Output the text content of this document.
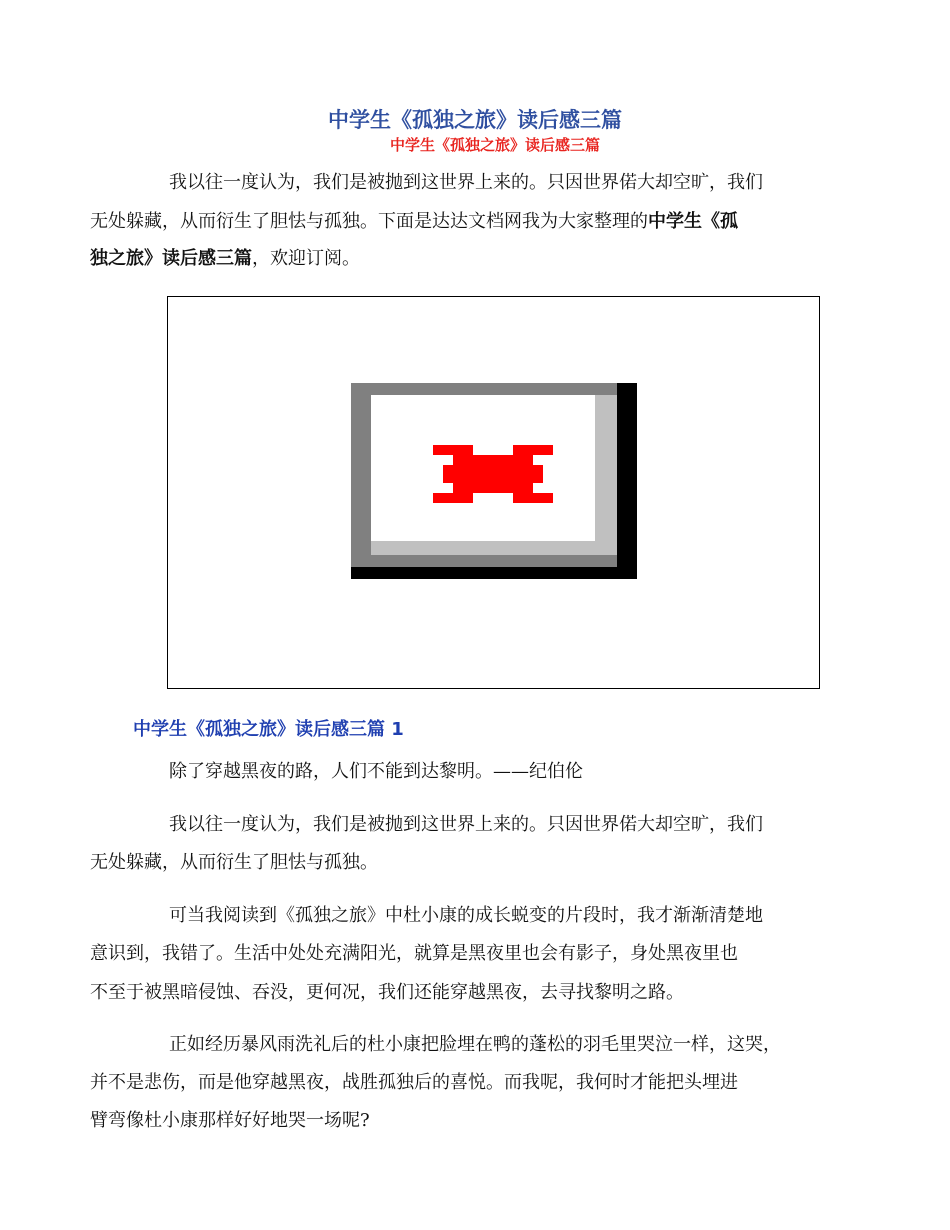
中学生《孤独之旅》读后感三篇
中学生《孤独之旅》读后感三篇
我以往一度认为，我们是被抛到这世界上来的。只因世界偌大却空旷，我们
无处躲藏，从而衍生了胆怯与孤独。下面是达达文档网我为大家整理的中学生《孤
独之旅》读后感三篇，欢迎订阅。
中学生《孤独之旅》读后感三篇 1
除了穿越黑夜的路，人们不能到达黎明。——纪伯伦
我以往一度认为，我们是被抛到这世界上来的。只因世界偌大却空旷，我们
无处躲藏，从而衍生了胆怯与孤独。
可当我阅读到《孤独之旅》中杜小康的成长蜕变的片段时，我才渐渐清楚地
意识到，我错了。生活中处处充满阳光，就算是黑夜里也会有影子，身处黑夜里也
不至于被黑暗侵蚀、吞没，更何况，我们还能穿越黑夜，去寻找黎明之路。
正如经历暴风雨洗礼后的杜小康把脸埋在鸭的蓬松的羽毛里哭泣一样，这哭，
并不是悲伤，而是他穿越黑夜，战胜孤独后的喜悦。而我呢，我何时才能把头埋进
臂弯像杜小康那样好好地哭一场呢?
